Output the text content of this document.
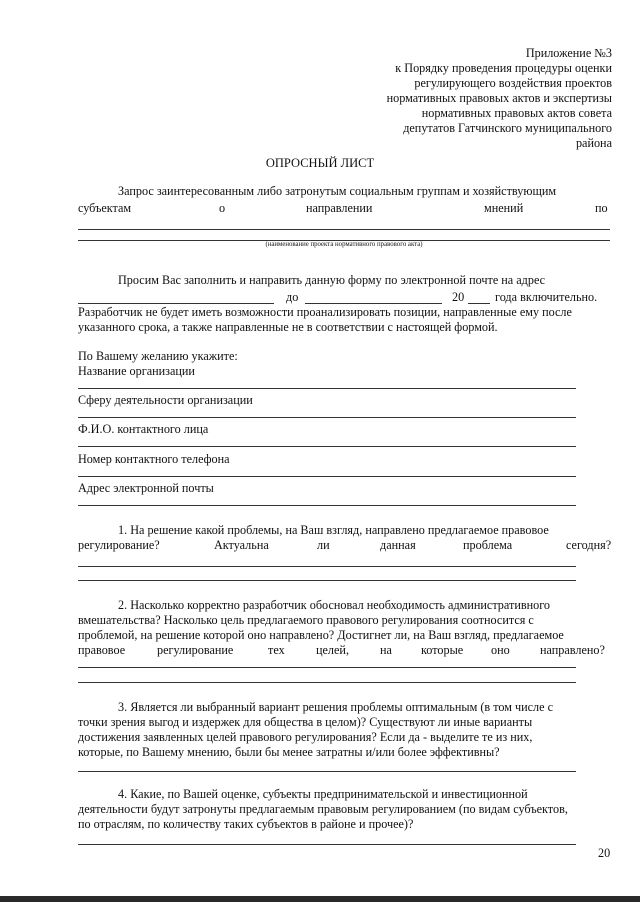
Приложение №3
к Порядку проведения процедуры оценки
регулирующего воздействия проектов
нормативных правовых актов и экспертизы
нормативных правовых актов совета
депутатов Гатчинского муниципального
района
ОПРОСНЫЙ ЛИСТ
Запрос заинтересованным либо затронутым социальным группам и хозяйствующим
субъектам	о	направлении	мнений	по
(наименование проекта нормативного правового акта)
Просим Вас заполнить и направить данную форму по электронной почте на адрес
до	20	года включительно.
Разработчик не будет иметь возможности проанализировать позиции, направленные ему после
указанного срока, а также направленные не в соответствии с настоящей формой.
По Вашему желанию укажите:
Название организации
Сферу деятельности организации
Ф.И.О. контактного лица
Номер контактного телефона
Адрес электронной почты
1. На решение какой проблемы, на Ваш взгляд, направлено предлагаемое правовое
регулирование?	Актуальна	ли	данная	проблема	сегодня?
2. Насколько корректно разработчик обосновал необходимость административного
вмешательства? Насколько цель предлагаемого правового регулирования соотносится с
проблемой, на решение которой оно направлено? Достигнет ли, на Ваш взгляд, предлагаемое
правовое	регулирование	тех	целей,	на которые оно направлено?
3. Является ли выбранный вариант решения проблемы оптимальным (в том числе с
точки зрения выгод и издержек для общества в целом)? Существуют ли иные варианты
достижения заявленных целей правового регулирования? Если да - выделите те из них,
которые, по Вашему мнению, были бы менее затратны и/или более эффективны?
4. Какие, по Вашей оценке, субъекты предпринимательской и инвестиционной
деятельности будут затронуты предлагаемым правовым регулированием (по видам субъектов,
по отраслям, по количеству таких субъектов в районе и прочее)?
20
